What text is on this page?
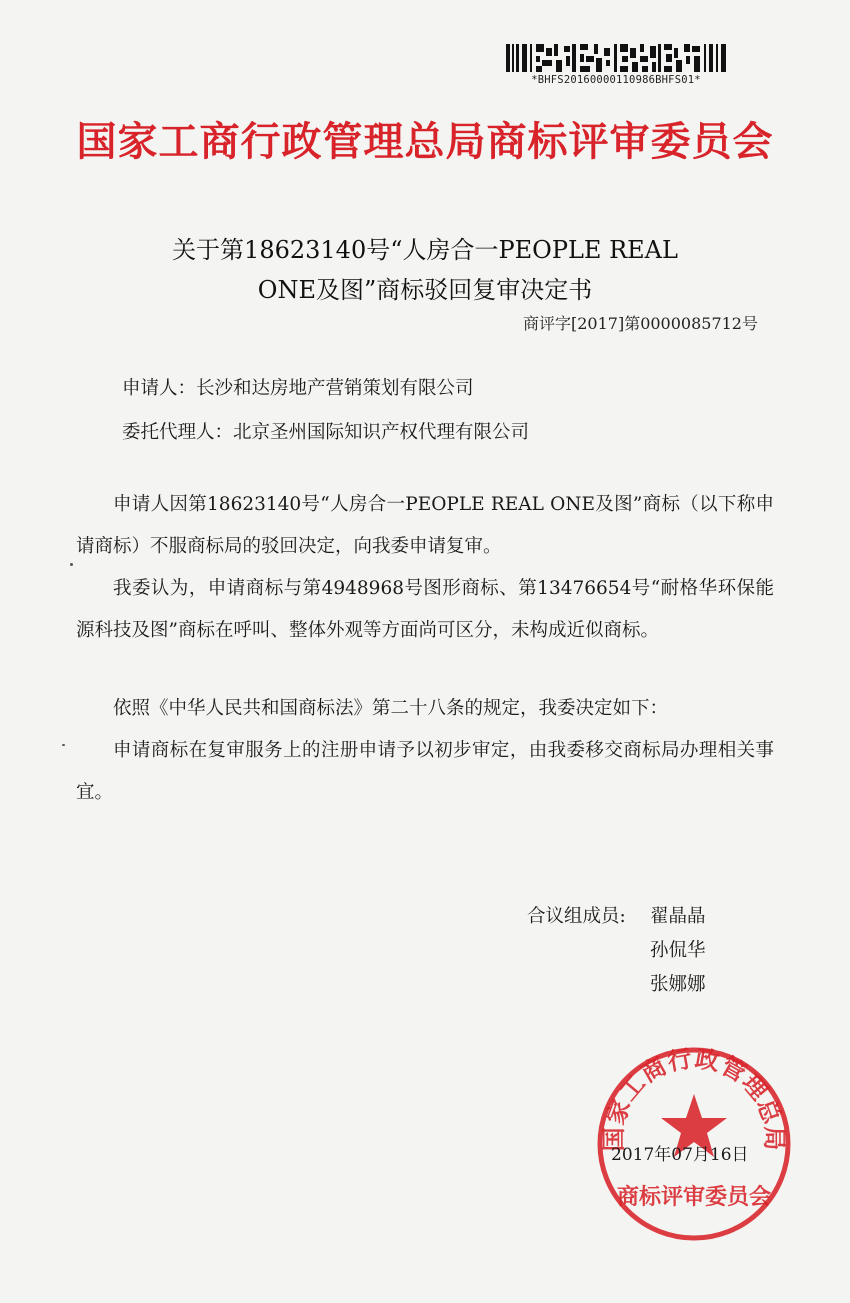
*BHFS20160000110986BHFS01*
国家工商行政管理总局商标评审委员会
关于第18623140号“人房合一PEOPLE REAL
ONE及图”商标驳回复审决定书
商评字[2017]第0000085712号
申请人：长沙和达房地产营销策划有限公司
委托代理人：北京圣州国际知识产权代理有限公司
申请人因第18623140号“人房合一PEOPLE REAL ONE及图”商标（以下称申请商标）不服商标局的驳回决定，向我委申请复审。
我委认为，申请商标与第4948968号图形商标、第13476654号“耐格华环保能源科技及图”商标在呼叫、整体外观等方面尚可区分，未构成近似商标。
依照《中华人民共和国商标法》第二十八条的规定，我委决定如下：
申请商标在复审服务上的注册申请予以初步审定，由我委移交商标局办理相关事宜。
合议组成员: 翟晶晶
孙侃华
张娜娜
国家工商行政管理总局
商标评审委员会
2017年07月16日
